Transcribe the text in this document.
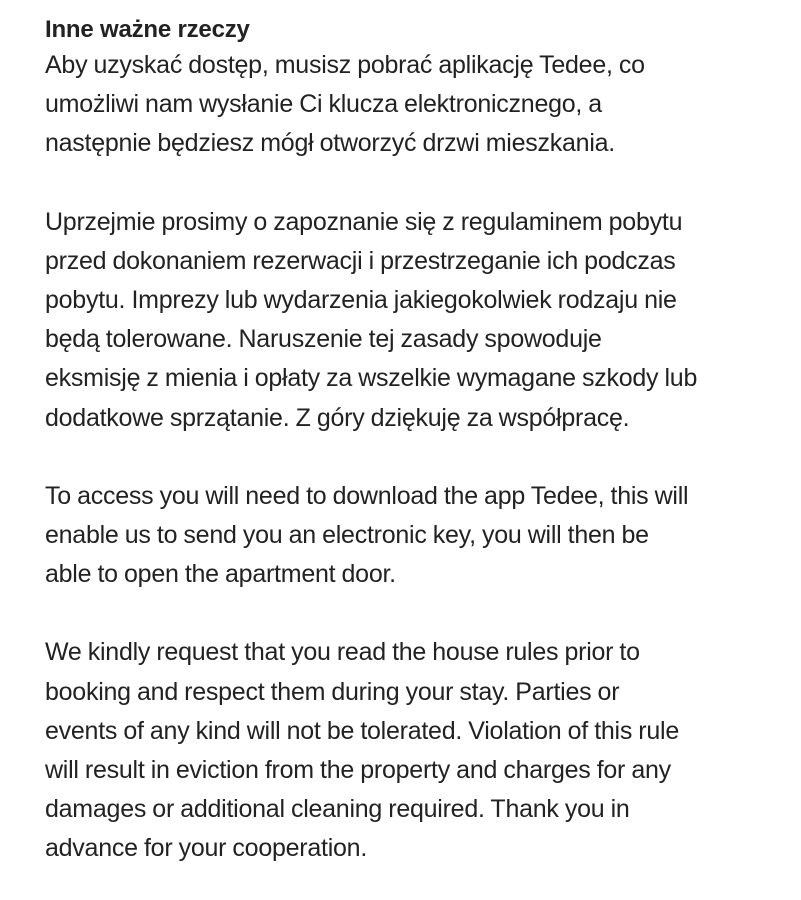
Inne ważne rzeczy

Aby uzyskać dostęp, musisz pobrać aplikację Tedee, co
umożliwi nam wysłanie Ci klucza elektronicznego, a
następnie będziesz mógł otworzyć drzwi mieszkania.

Uprzejmie prosimy o zapoznanie się z regulaminem pobytu
przed dokonaniem rezerwacji i przestrzeganie ich podczas
pobytu. Imprezy lub wydarzenia jakiegokolwiek rodzaju nie
będą tolerowane. Naruszenie tej zasady spowoduje
eksmisję z mienia i opłaty za wszelkie wymagane szkody lub
dodatkowe sprzątanie. Z góry dziękuję za współpracę.

To access you will need to download the app Tedee, this will
enable us to send you an electronic key, you will then be
able to open the apartment door.

We kindly request that you read the house rules prior to
booking and respect them during your stay. Parties or
events of any kind will not be tolerated. Violation of this rule
will result in eviction from the property and charges for any
damages or additional cleaning required. Thank you in
advance for your cooperation.
